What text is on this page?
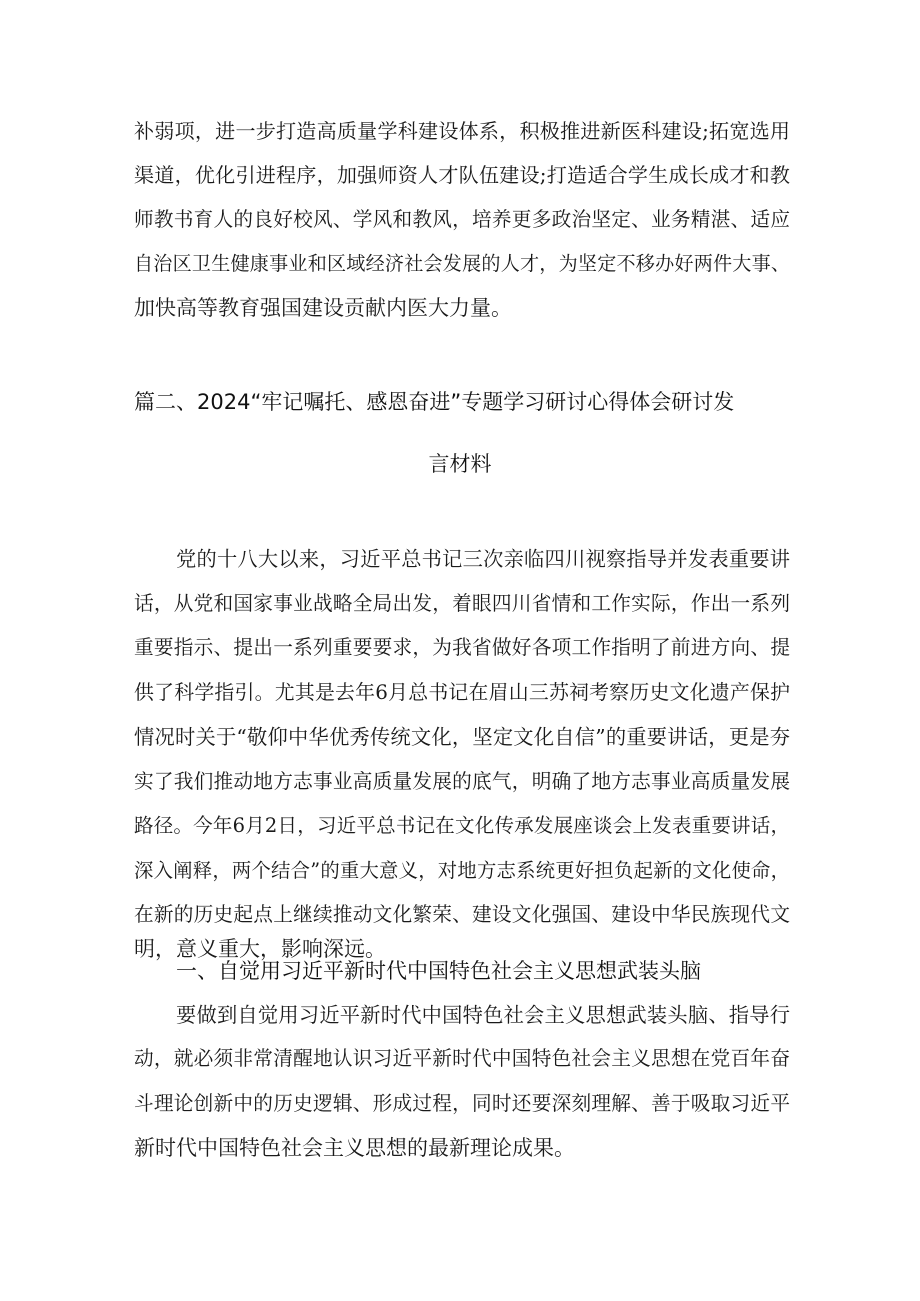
补弱项，进一步打造高质量学科建设体系，积极推进新医科建设;拓宽选用
渠道，优化引进程序，加强师资人才队伍建设;打造适合学生成长成才和教
师教书育人的良好校风、学风和教风，培养更多政治坚定、业务精湛、适应
自治区卫生健康事业和区域经济社会发展的人才，为坚定不移办好两件大事、
加快高等教育强国建设贡献内医大力量。
篇二、2024“牢记嘱托、感恩奋进”专题学习研讨心得体会研讨发
言材料
党的十八大以来，习近平总书记三次亲临四川视察指导并发表重要讲
话，从党和国家事业战略全局出发，着眼四川省情和工作实际，作出一系列
重要指示、提出一系列重要要求，为我省做好各项工作指明了前进方向、提
供了科学指引。尤其是去年6月总书记在眉山三苏祠考察历史文化遗产保护
情况时关于“敬仰中华优秀传统文化，坚定文化自信”的重要讲话，更是夯
实了我们推动地方志事业高质量发展的底气，明确了地方志事业高质量发展
路径。今年6月2日，习近平总书记在文化传承发展座谈会上发表重要讲话，
深入阐释，两个结合”的重大意义，对地方志系统更好担负起新的文化使命，
在新的历史起点上继续推动文化繁荣、建设文化强国、建设中华民族现代文
明，意义重大，影响深远。
一、自觉用习近平新时代中国特色社会主义思想武装头脑
要做到自觉用习近平新时代中国特色社会主义思想武装头脑、指导行
动，就必须非常清醒地认识习近平新时代中国特色社会主义思想在党百年奋
斗理论创新中的历史逻辑、形成过程，同时还要深刻理解、善于吸取习近平
新时代中国特色社会主义思想的最新理论成果。
